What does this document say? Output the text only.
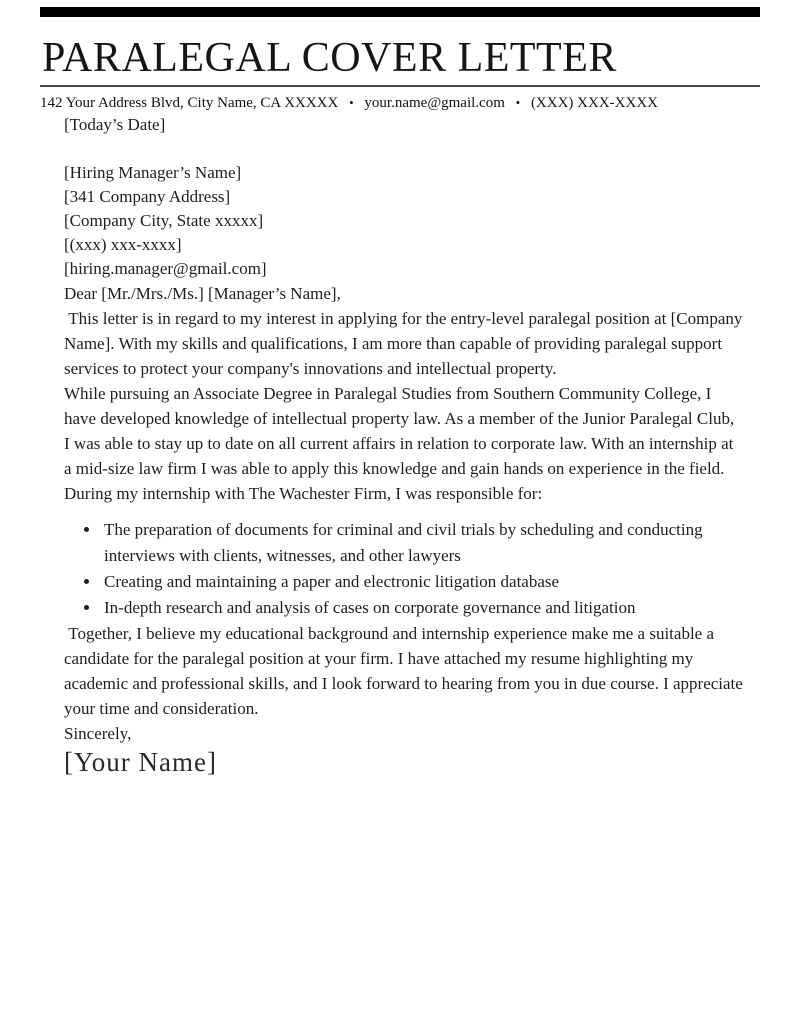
PARALEGAL COVER LETTER
142 Your Address Blvd, City Name, CA XXXXX • your.name@gmail.com • (XXX) XXX-XXXX

[Today’s Date]

[Hiring Manager’s Name]
[341 Company Address]
[Company City, State xxxxx]
[(xxx) xxx-xxxx]
[hiring.manager@gmail.com]

Dear [Mr./Mrs./Ms.] [Manager’s Name],

This letter is in regard to my interest in applying for the entry-level paralegal position at [Company Name]. With my skills and qualifications, I am more than capable of providing paralegal support services to protect your company's innovations and intellectual property.

While pursuing an Associate Degree in Paralegal Studies from Southern Community College, I have developed knowledge of intellectual property law. As a member of the Junior Paralegal Club, I was able to stay up to date on all current affairs in relation to corporate law. With an internship at a mid-size law firm I was able to apply this knowledge and gain hands on experience in the field.

During my internship with The Wachester Firm, I was responsible for:

• The preparation of documents for criminal and civil trials by scheduling and conducting interviews with clients, witnesses, and other lawyers
• Creating and maintaining a paper and electronic litigation database
• In-depth research and analysis of cases on corporate governance and litigation

Together, I believe my educational background and internship experience make me a suitable a candidate for the paralegal position at your firm. I have attached my resume highlighting my academic and professional skills, and I look forward to hearing from you in due course. I appreciate your time and consideration.

Sincerely,

[Your Name]
